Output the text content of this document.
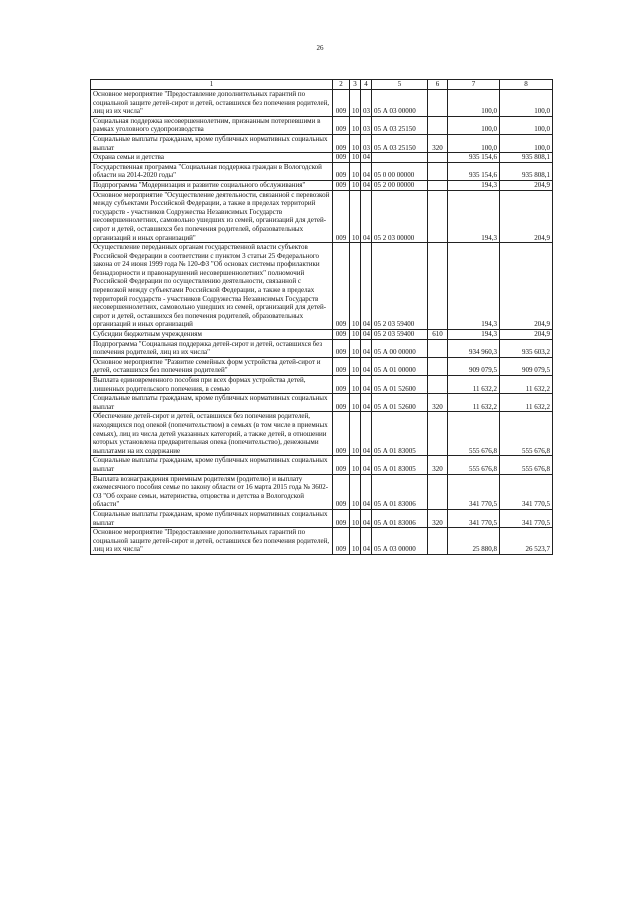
26
1	2	3	4	5	6	7	8
Основное мероприятие "Предоставление дополнительных гарантий по социальной защите детей-сирот и детей, оставшихся без попечения родителей, лиц из их числа"	009	10	03	05 А 03 00000		100,0	100,0
Социальная поддержка несовершеннолетним, признанным потерпевшими в рамках уголовного судопроизводства	009	10	03	05 А 03 25150		100,0	100,0
Социальные выплаты гражданам, кроме публичных нормативных социальных выплат	009	10	03	05 А 03 25150	320	100,0	100,0
Охрана семьи и детства	009	10	04			935 154,6	935 808,1
Государственная программа "Социальная поддержка граждан в Вологодской области на 2014-2020 годы"	009	10	04	05 0 00 00000		935 154,6	935 808,1
Подпрограмма "Модернизация и развитие социального обслуживания"	009	10	04	05 2 00 00000		194,3	204,9
Основное мероприятие "Осуществление деятельности, связанной с перевозкой между субъектами Российской Федерации, а также в пределах территорий государств - участников Содружества Независимых Государств несовершеннолетних, самовольно ушедших из семей, организаций для детей-сирот и детей, оставшихся без попечения родителей, образовательных организаций и иных организаций"	009	10	04	05 2 03 00000		194,3	204,9
Осуществление переданных органам государственной власти субъектов Российской Федерации в соответствии с пунктом 3 статьи 25 Федерального закона от 24 июня 1999 года № 120-ФЗ "Об основах системы профилактики безнадзорности и правонарушений несовершеннолетних" полномочий Российской Федерации по осуществлению деятельности, связанной с перевозкой между субъектами Российской Федерации, а также в пределах территорий государств - участников Содружества Независимых Государств несовершеннолетних, самовольно ушедших из семей, организаций для детей-сирот и детей, оставшихся без попечения родителей, образовательных организаций и иных организаций	009	10	04	05 2 03 59400		194,3	204,9
Субсидии бюджетным учреждениям	009	10	04	05 2 03 59400	610	194,3	204,9
Подпрограмма "Социальная поддержка детей-сирот и детей, оставшихся без попечения родителей, лиц из их числа"	009	10	04	05 А 00 00000		934 960,3	935 603,2
Основное мероприятие "Развитие семейных форм устройства детей-сирот и детей, оставшихся без попечения родителей"	009	10	04	05 А 01 00000		909 079,5	909 079,5
Выплата единовременного пособия при всех формах устройства детей, лишенных родительского попечения, в семью	009	10	04	05 А 01 52600		11 632,2	11 632,2
Социальные выплаты гражданам, кроме публичных нормативных социальных выплат	009	10	04	05 А 01 52600	320	11 632,2	11 632,2
Обеспечение детей-сирот и детей, оставшихся без попечения родителей, находящихся под опекой (попечительством) в семьях (в том числе в приемных семьях), лиц из числа детей указанных категорий, а также детей, в отношении которых установлена предварительная опека (попечительство), денежными выплатами на их содержание	009	10	04	05 А 01 83005		555 676,8	555 676,8
Социальные выплаты гражданам, кроме публичных нормативных социальных выплат	009	10	04	05 А 01 83005	320	555 676,8	555 676,8
Выплата вознаграждения приемным родителям (родителю) и выплату ежемесячного пособия семье по закону области от 16 марта 2015 года № 3602-ОЗ "Об охране семьи, материнства, отцовства и детства в Вологодской области"	009	10	04	05 А 01 83006		341 770,5	341 770,5
Социальные выплаты гражданам, кроме публичных нормативных социальных выплат	009	10	04	05 А 01 83006	320	341 770,5	341 770,5
Основное мероприятие "Предоставление дополнительных гарантий по социальной защите детей-сирот и детей, оставшихся без попечения родителей, лиц из их числа"	009	10	04	05 А 03 00000		25 880,8	26 523,7
